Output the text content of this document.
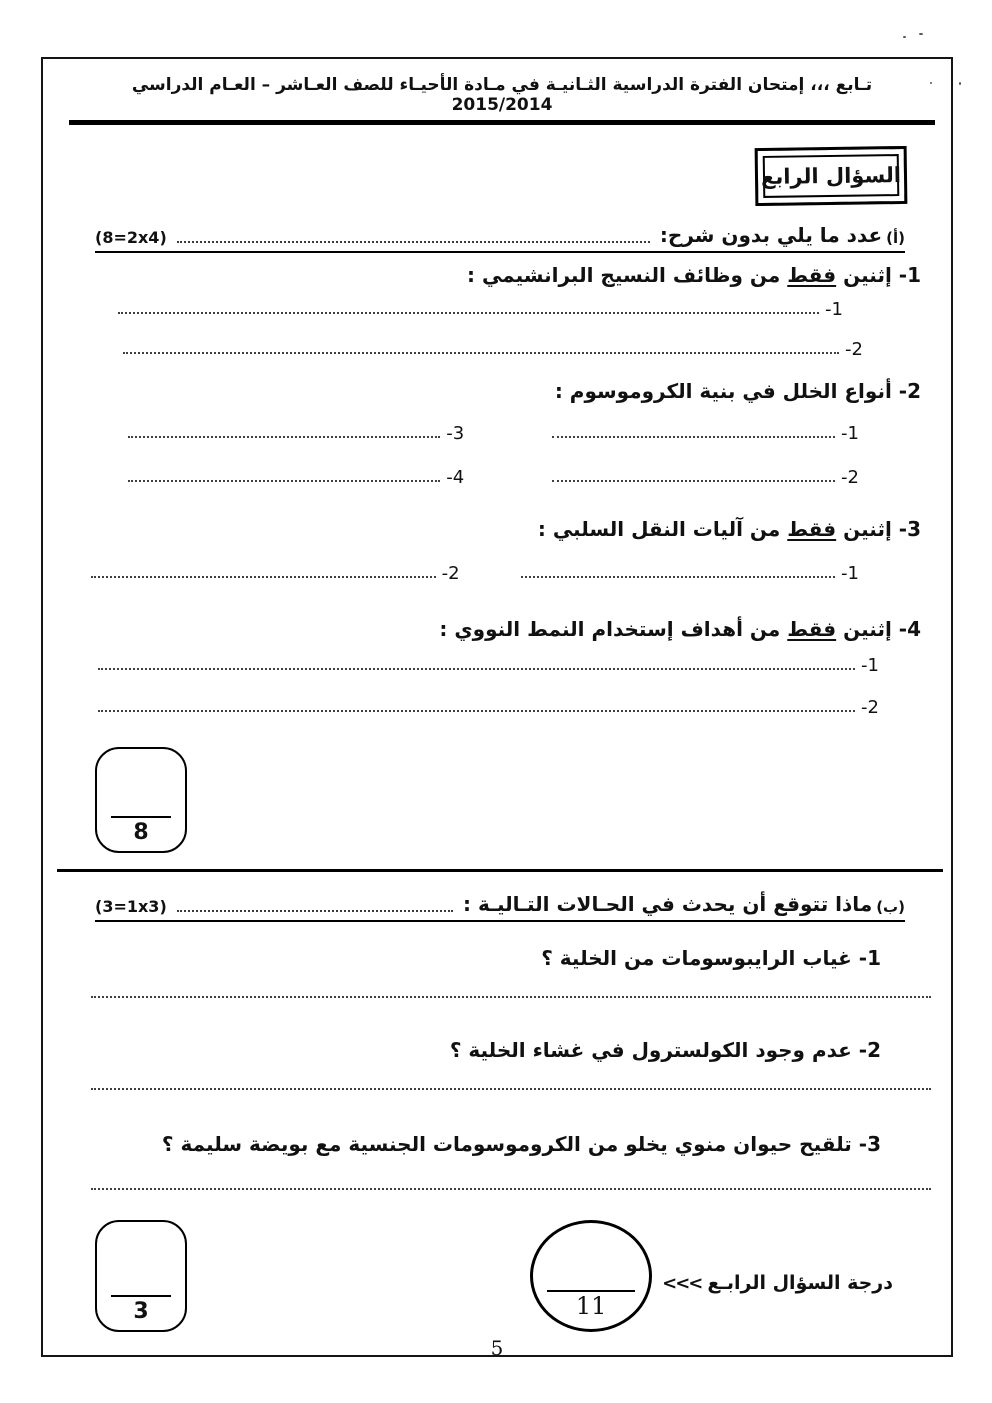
تـابع ،،، إمتحان الفترة الدراسية الثـانيـة في مـادة الأحيـاء للصف العـاشر – العـام الدراسي 2015/2014
السؤال الرابع
(أ)
عدد ما يلي بدون شرح:
(8=2x4)
1- إثنين فقط من وظائف النسيج البرانشيمي :
-1
-2
2- أنواع الخلل في بنية الكروموسوم :
-3	-1
-4	-2
3- إثنين فقط من آليات النقل السلبي :
-2	-1
4- إثنين فقط من أهداف إستخدام النمط النووي :
-1
-2
8
(ب)
ماذا تتوقع أن يحدث في الحـالات التـاليـة :
(3=1x3)
1- غياب الرايبوسومات من الخلية ؟
2- عدم وجود الكولسترول في غشاء الخلية ؟
3- تلقيح حيوان منوي يخلو من الكروموسومات الجنسية مع بويضة سليمة ؟
3	11
<<< درجة السؤال الرابـع
5
